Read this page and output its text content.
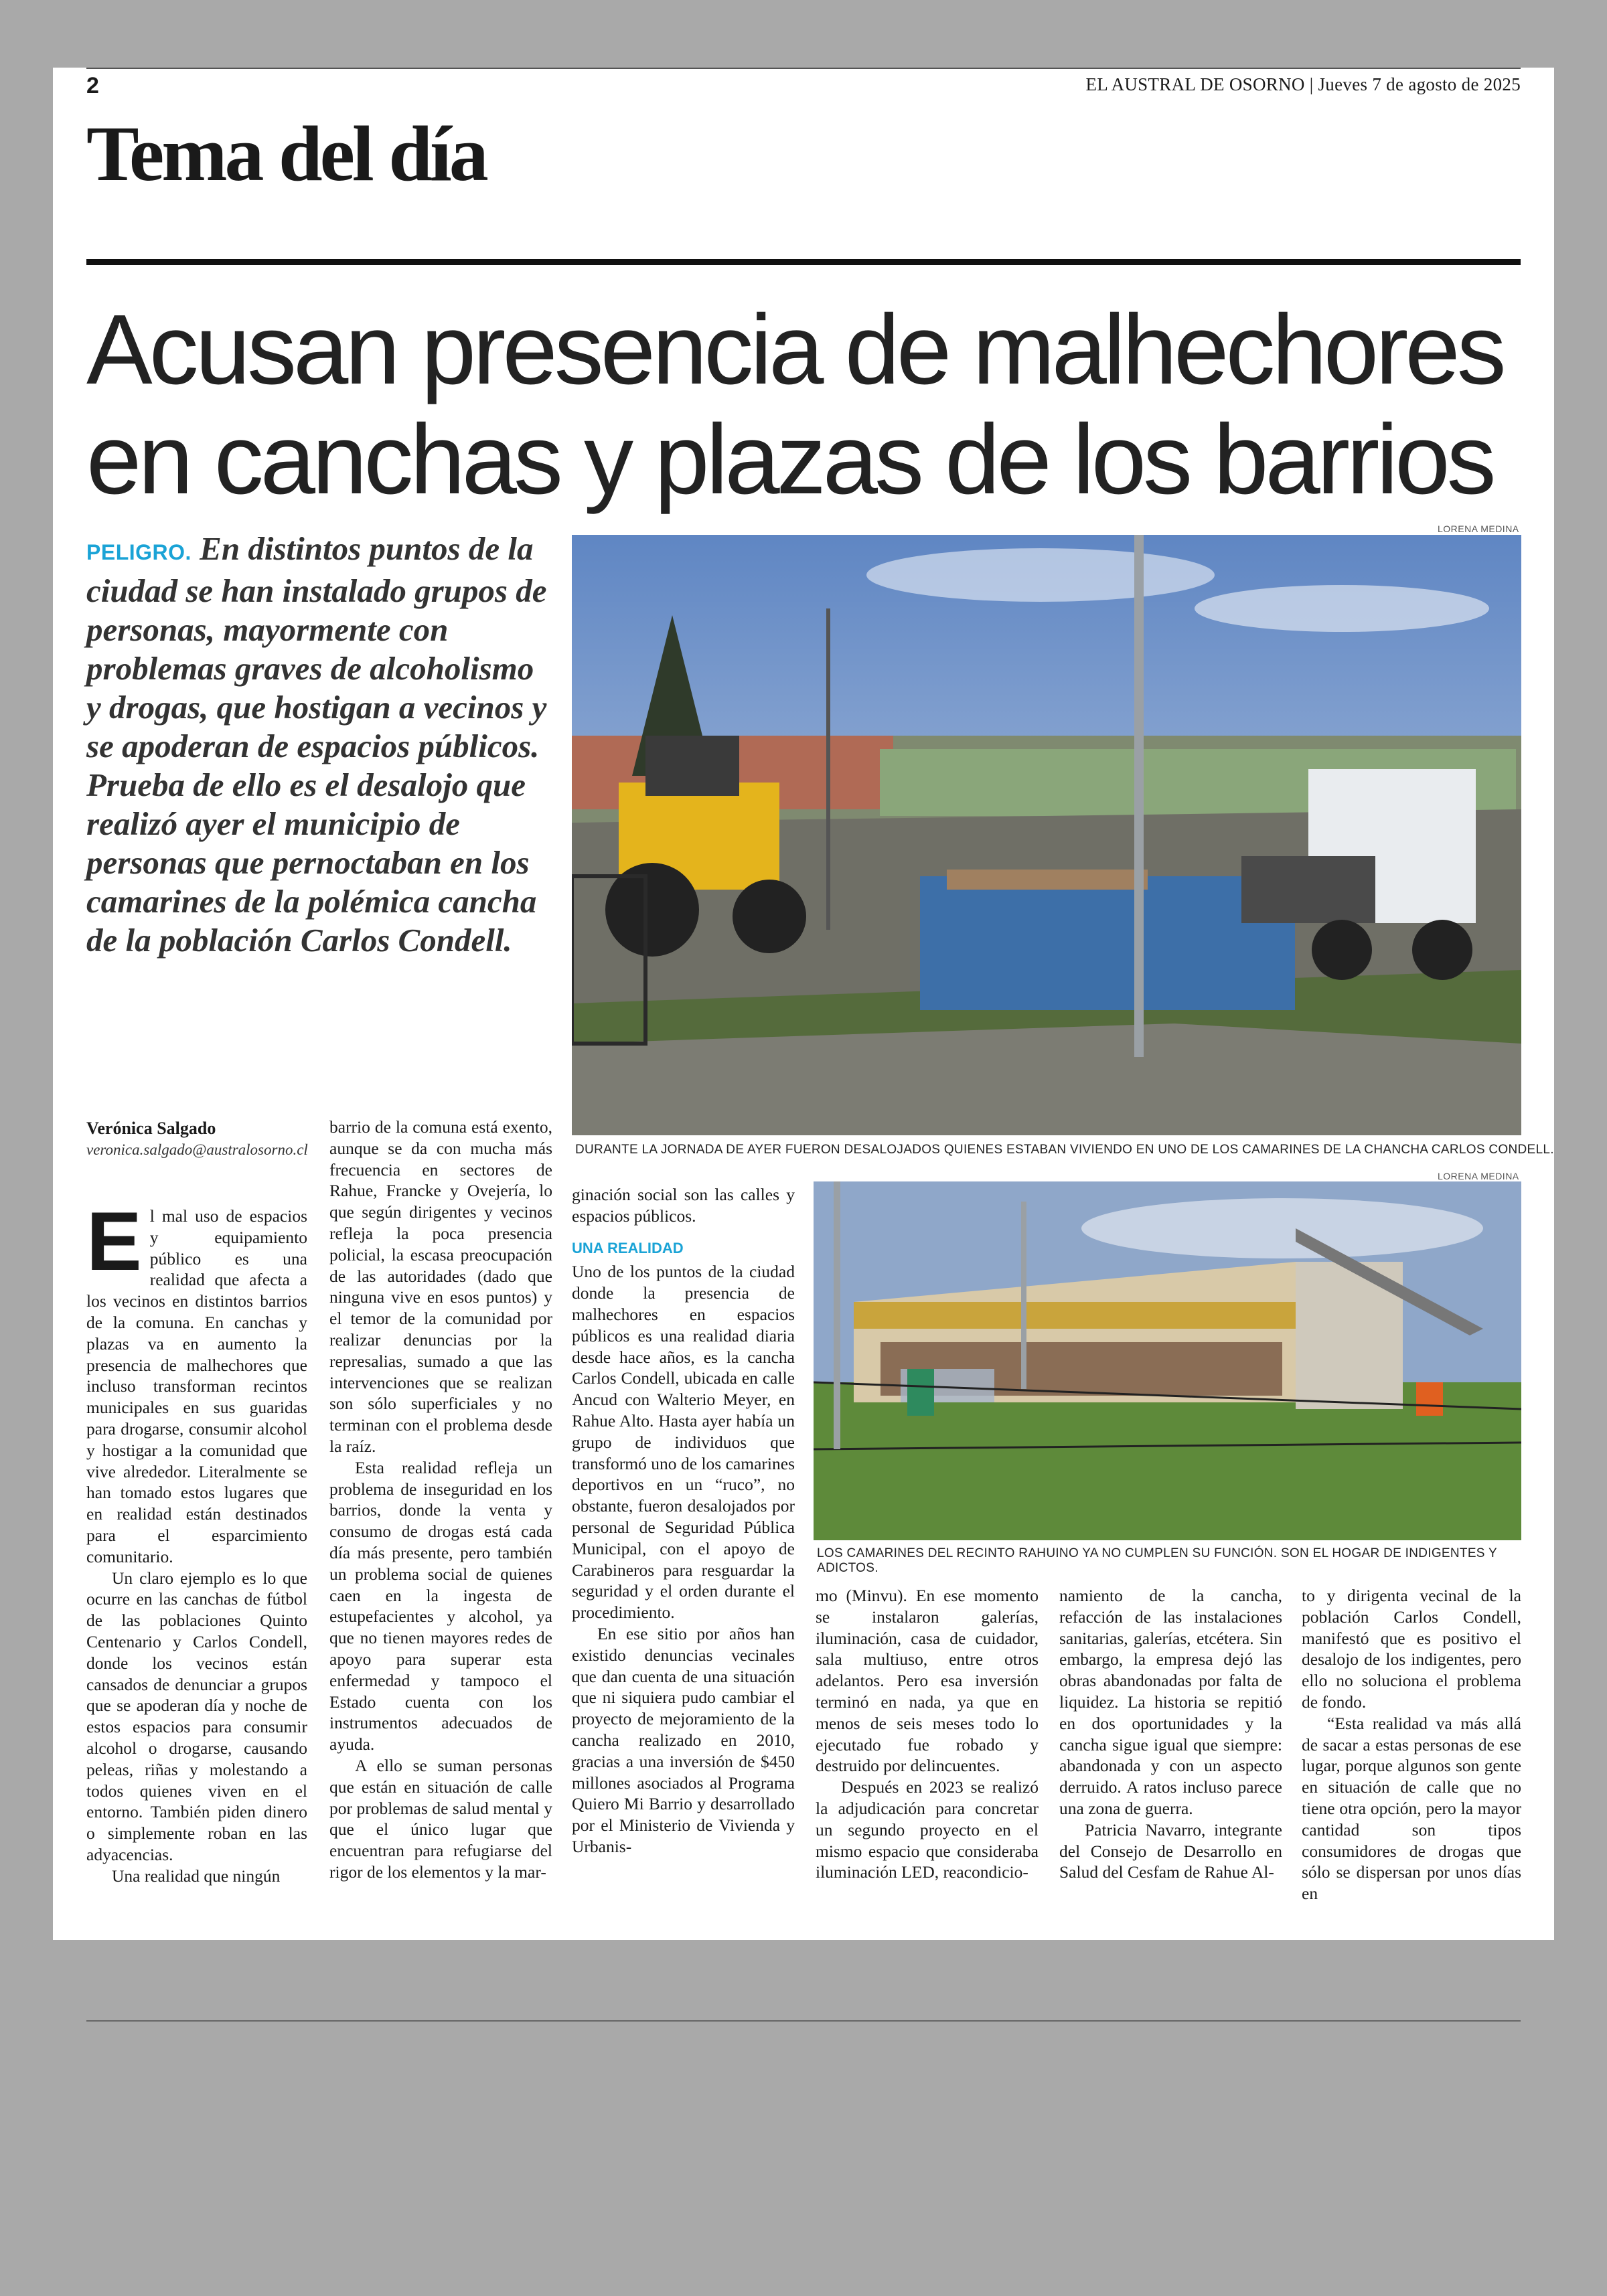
2	EL AUSTRAL DE OSORNO | Jueves 7 de agosto de 2025
Tema del día
Acusan presencia de malhechores en canchas y plazas de los barrios
PELIGRO. En distintos puntos de la ciudad se han instalado grupos de personas, mayormente con problemas graves de alcoholismo y drogas, que hostigan a vecinos y se apoderan de espacios públicos. Prueba de ello es el desalojo que realizó ayer el municipio de personas que pernoctaban en los camarines de la polémica cancha de la población Carlos Condell.
LORENA MEDINA
DURANTE LA JORNADA DE AYER FUERON DESALOJADOS QUIENES ESTABAN VIVIENDO EN UNO DE LOS CAMARINES DE LA CHANCHA CARLOS CONDELL.
LORENA MEDINA
LOS CAMARINES DEL RECINTO RAHUINO YA NO CUMPLEN SU FUNCIÓN. SON EL HOGAR DE INDIGENTES Y ADICTOS.
Verónica Salgado
veronica.salgado@australosorno.cl

El mal uso de espacios y equipamiento público es una realidad que afecta a los vecinos en distintos barrios de la comuna. En canchas y plazas va en aumento la presencia de malhechores que incluso transforman recintos municipales en sus guaridas para drogarse, consumir alcohol y hostigar a la comunidad que vive alrededor. Literalmente se han tomado estos lugares que en realidad están destinados para el esparcimiento comunitario.

Un claro ejemplo es lo que ocurre en las canchas de fútbol de las poblaciones Quinto Centenario y Carlos Condell, donde los vecinos están cansados de denunciar a grupos que se apoderan día y noche de estos espacios para consumir alcohol o drogarse, causando peleas, riñas y molestando a todos quienes viven en el entorno. También piden dinero o simplemente roban en las adyacencias.

Una realidad que ningún

barrio de la comuna está exento, aunque se da con mucha más frecuencia en sectores de Rahue, Francke y Ovejería, lo que según dirigentes y vecinos refleja la poca presencia policial, la escasa preocupación de las autoridades (dado que ninguna vive en esos puntos) y el temor de la comunidad por realizar denuncias por la represalias, sumado a que las intervenciones que se realizan son sólo superficiales y no terminan con el problema desde la raíz.

Esta realidad refleja un problema de inseguridad en los barrios, donde la venta y consumo de drogas está cada día más presente, pero también un problema social de quienes caen en la ingesta de estupefacientes y alcohol, ya que no tienen mayores redes de apoyo para superar esta enfermedad y tampoco el Estado cuenta con los instrumentos adecuados de ayuda.

A ello se suman personas que están en situación de calle por problemas de salud mental y que el único lugar que encuentran para refugiarse del rigor de los elementos y la mar-

ginación social son las calles y espacios públicos.

UNA REALIDAD

Uno de los puntos de la ciudad donde la presencia de malhechores en espacios públicos es una realidad diaria desde hace años, es la cancha Carlos Condell, ubicada en calle Ancud con Walterio Meyer, en Rahue Alto. Hasta ayer había un grupo de individuos que transformó uno de los camarines deportivos en un “ruco”, no obstante, fueron desalojados por personal de Seguridad Pública Municipal, con el apoyo de Carabineros para resguardar la seguridad y el orden durante el procedimiento.

En ese sitio por años han existido denuncias vecinales que dan cuenta de una situación que ni siquiera pudo cambiar el proyecto de mejoramiento de la cancha realizado en 2010, gracias a una inversión de $450 millones asociados al Programa Quiero Mi Barrio y desarrollado por el Ministerio de Vivienda y Urbanis-

mo (Minvu). En ese momento se instalaron galerías, iluminación, casa de cuidador, sala multiuso, entre otros adelantos. Pero esa inversión terminó en nada, ya que en menos de seis meses todo lo ejecutado fue robado y destruido por delincuentes.

Después en 2023 se realizó la adjudicación para concretar un segundo proyecto en el mismo espacio que consideraba iluminación LED, reacondicio-

namiento de la cancha, refacción de las instalaciones sanitarias, galerías, etcétera. Sin embargo, la empresa dejó las obras abandonadas por falta de liquidez. La historia se repitió en dos oportunidades y la cancha sigue igual que siempre: abandonada y con un aspecto derruido. A ratos incluso parece una zona de guerra.

Patricia Navarro, integrante del Consejo de Desarrollo en Salud del Cesfam de Rahue Al-

to y dirigenta vecinal de la población Carlos Condell, manifestó que es positivo el desalojo de los indigentes, pero ello no soluciona el problema de fondo.

“Esta realidad va más allá de sacar a estas personas de ese lugar, porque algunos son gente en situación de calle que no tiene otra opción, pero la mayor cantidad son tipos consumidores de drogas que sólo se dispersan por unos días en
